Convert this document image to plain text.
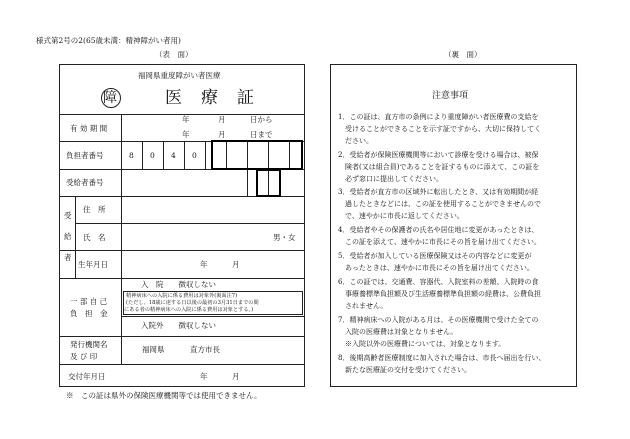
様式第2号の2(65歳未満：精神障がい者用)
（表　面）	（裏　面）
福岡県重度障がい者医療
障	医　療　証
有 効 期 間
年	月	日から
年	月	日まで
負担者番号	8 0 4 0
受給者番号
受
給
者
住　所
氏　名	男・女
生年月日	年	月
一 部 自 己
負　担　金
入　院　　徴収しない
精神病床への入院に係る費用は対象外(裏面注7)
(ただし、18歳に達する日以後の最初の3月31日までの間
にある者の精神病床への入院に係る費用は対象とする。)
入院外　　徴収しない
発行機関名
及 び 印
福岡県	直方市長
交付年月日	年	月
※　この証は県外の保険医療機関等では使用できません。
注意事項
1．この証は、直方市の条例により重度障がい者医療費の支給を
　受けることができることを示す証ですから、大切に保持してく
　ださい。
2．受給者が保険医療機関等において診療を受ける場合は、被保
　険者(又は組合員)であることを証するものに添えて、この証を
　必ず窓口に提出してください。
3．受給者が直方市の区域外に転出したとき、又は有効期間が経
　過したときなどには、この証を使用することができませんので
　で、速やかに市長に返してください。
4．受給者やその保護者の氏名や居住地に変更があったときは、
　この証を添えて、速やかに市長にその旨を届け出てください。
5．受給者が加入している医療保険又はその内容などに変更が
　あったときは、速やかに市長にその旨を届け出てください。
6．この証では、交通費、容器代、入院室料の差額、入院時の食
　事療養標準負担額及び生活療養標準負担額の経費は、公費負担
　されません。
7．精神病床への入院がある月は、その医療機関で受けた全ての
　入院の医療費は対象となりません。
　※入院以外の医療費については、対象となります。
8．後期高齢者医療制度に加入された場合は、市長へ届出を行い、
　新たな医療証の交付を受けてください。
